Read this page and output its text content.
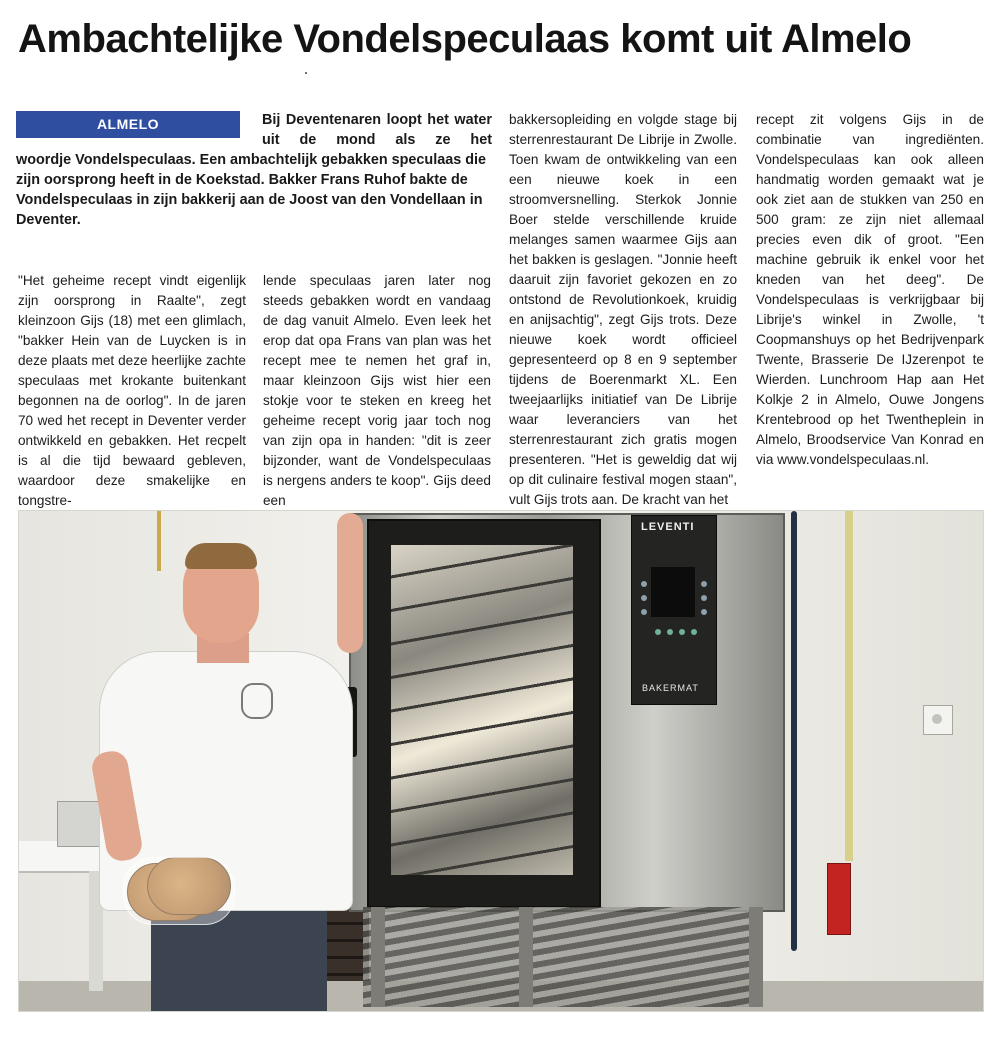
Ambachtelijke Vondelspeculaas komt uit Almelo
ALMELO	Bij Deventenaren loopt het water uit de mond als ze het

woordje Vondelspeculaas. Een ambachtelijk gebakken speculaas die zijn oorsprong heeft in de Koekstad. Bakker Frans Ruhof bakte de Vondelspeculaas in zijn bakkerij aan de Joost van den Vondellaan in Deventer.

"Het geheime recept vindt eigenlijk zijn oorsprong in Raalte", zegt kleinzoon Gijs (18) met een glimlach, "bakker Hein van de Luycken is in deze plaats met deze heerlijke zachte speculaas met krokante buitenkant begonnen na de oorlog". In de jaren 70 wed het recept in Deventer verder ontwikkeld en gebakken. Het recpelt is al die tijd bewaard gebleven, waardoor deze smakelijke en tongstre-

lende speculaas jaren later nog steeds gebakken wordt en vandaag de dag vanuit Almelo. Even leek het erop dat opa Frans van plan was het recept mee te nemen het graf in, maar kleinzoon Gijs wist hier een stokje voor te steken en kreeg het geheime recept vorig jaar toch nog van zijn opa in handen: "dit is zeer bijzonder, want de Vondelspeculaas is nergens anders te koop". Gijs deed een

bakkersopleiding en volgde stage bij sterrenrestaurant De Librije in Zwolle. Toen kwam de ontwikkeling van een een nieuwe koek in een stroomversnelling. Sterkok Jonnie Boer stelde verschillende kruide melanges samen waarmee Gijs aan het bakken is geslagen. "Jonnie heeft daaruit zijn favoriet gekozen en zo ontstond de Revolutionkoek, kruidig en anijsachtig", zegt Gijs trots. Deze nieuwe koek wordt officieel gepresenteerd op 8 en 9 september tijdens de Boerenmarkt XL. Een tweejaarlijks initiatief van De Librije waar leveranciers van het sterrenrestaurant zich gratis mogen presenteren. "Het is geweldig dat wij op dit culinaire festival mogen staan", vult Gijs trots aan. De kracht van het

recept zit volgens Gijs in de combinatie van ingrediënten. Vondelspeculaas kan ook alleen handmatig worden gemaakt wat je ook ziet aan de stukken van 250 en 500 gram: ze zijn niet allemaal precies even dik of groot. "Een machine gebruik ik enkel voor het kneden van het deeg". De Vondelspeculaas is verkrijgbaar bij Librije's winkel in Zwolle, 't Coopmanshuys op het Bedrijvenpark Twente, Brasserie De IJzerenpot te Wierden. Lunchroom Hap aan Het Kolkje 2 in Almelo, Ouwe Jongens Krentebrood op het Twentheplein in Almelo, Broodservice Van Konrad en via www.vondelspeculaas.nl.

LEVENTI
BAKERMAT
